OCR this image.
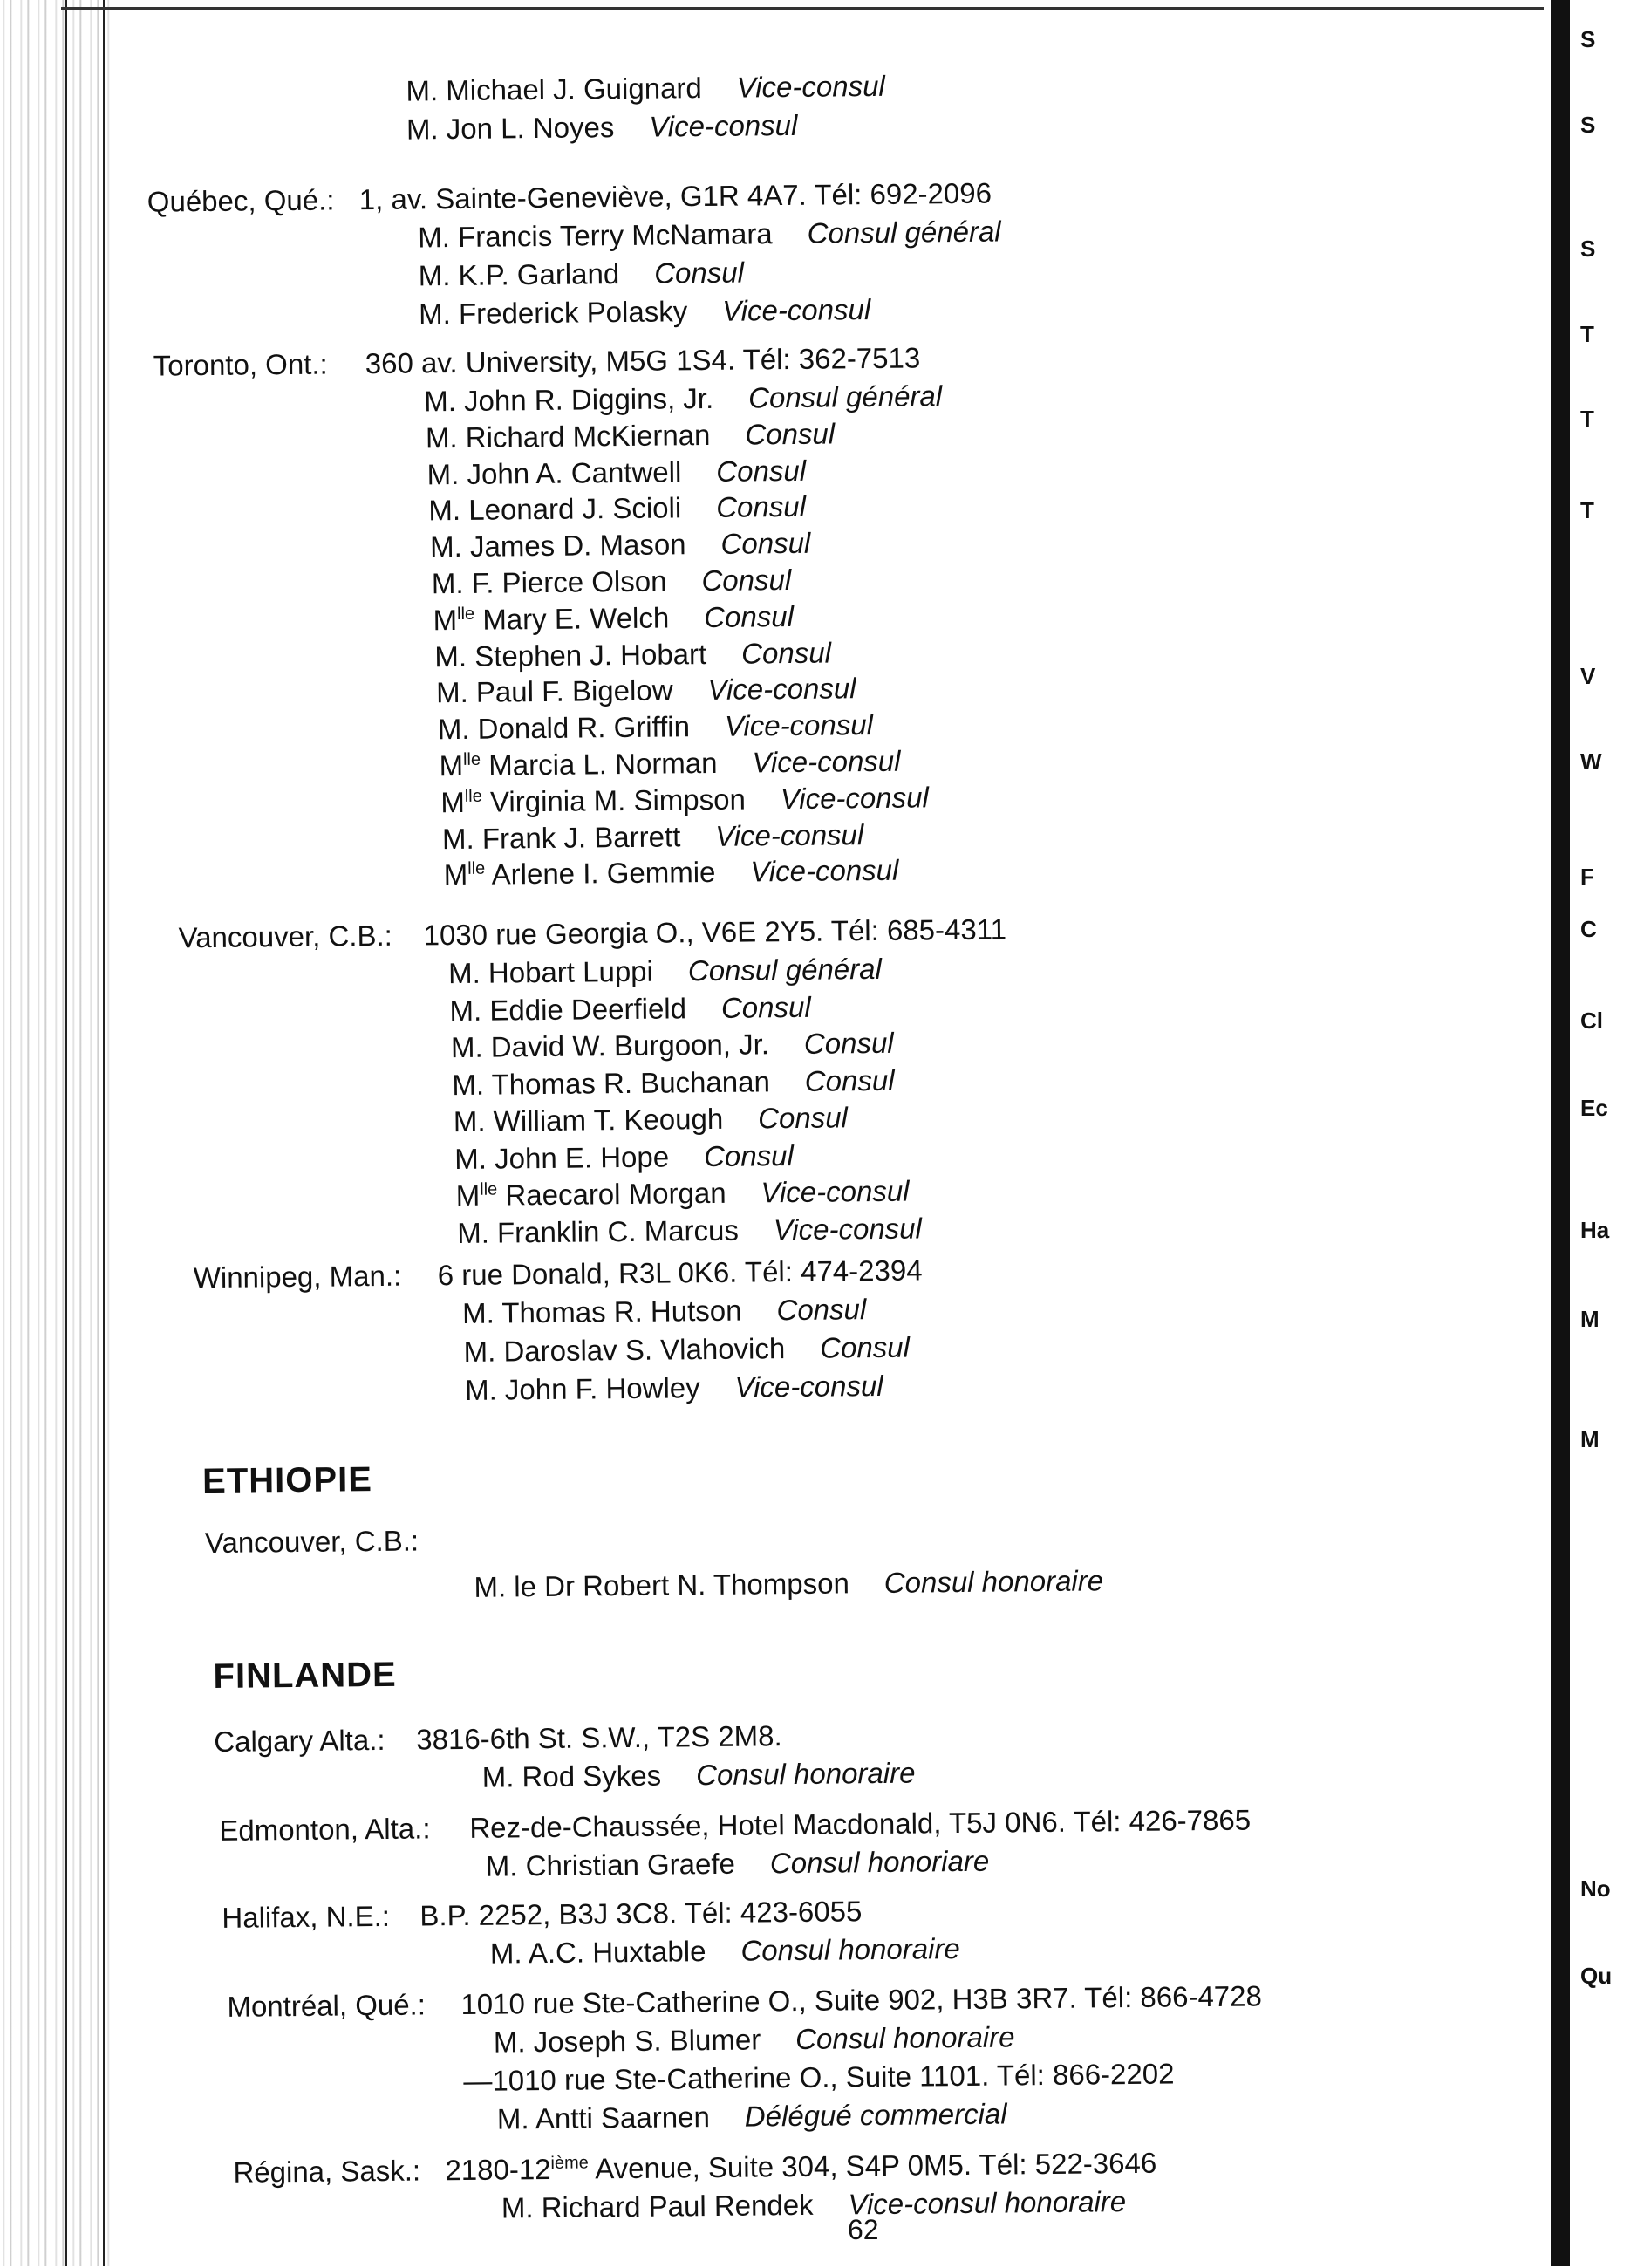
S
S
S
T
T
T
V
W
F
C
Cl
Ec
Ha
M
M
No
Qu
M. Michael J. Guignard Vice-consul
M. Jon L. Noyes Vice-consul
Québec, Qué.: 1, av. Sainte-Geneviève, G1R 4A7. Tél: 692-2096
M. Francis Terry McNamara Consul général
M. K.P. Garland Consul
M. Frederick Polasky Vice-consul
Toronto, Ont.: 360 av. University, M5G 1S4. Tél: 362-7513
M. John R. Diggins, Jr. Consul général
M. Richard McKiernan Consul
M. John A. Cantwell Consul
M. Leonard J. Scioli Consul
M. James D. Mason Consul
M. F. Pierce Olson Consul
$M^{lle}$ Mary E. Welch Consul
M. Stephen J. Hobart Consul
M. Paul F. Bigelow Vice-consul
M. Donald R. Griffin Vice-consul
$M^{lle}$ Marcia L. Norman Vice-consul
$M^{lle}$ Virginia M. Simpson Vice-consul
M. Frank J. Barrett Vice-consul
$M^{lle}$ Arlene I. Gemmie Vice-consul
Vancouver, C.B.: 1030 rue Georgia O., V6E 2Y5. Tél: 685-4311
M. Hobart Luppi Consul général
M. Eddie Deerfield Consul
M. David W. Burgoon, Jr. Consul
M. Thomas R. Buchanan Consul
M. William T. Keough Consul
M. John E. Hope Consul
$M^{lle}$ Raecarol Morgan Vice-consul
M. Franklin C. Marcus Vice-consul
Winnipeg, Man.: 6 rue Donald, R3L 0K6. Tél: 474-2394
M. Thomas R. Hutson Consul
M. Daroslav S. Vlahovich Consul
M. John F. Howley Vice-consul
ETHIOPIE
Vancouver, C.B.:
M. le Dr Robert N. Thompson Consul honoraire
FINLANDE
Calgary Alta.: 3816-6th St. S.W., T2S 2M8.
M. Rod Sykes Consul honoraire
Edmonton, Alta.: Rez-de-Chaussée, Hotel Macdonald, T5J 0N6. Tél: 426-7865
M. Christian Graefe Consul honoriare
Halifax, N.E.: B.P. 2252, B3J 3C8. Tél: 423-6055
M. A.C. Huxtable Consul honoraire
Montréal, Qué.: 1010 rue Ste-Catherine O., Suite 902, H3B 3R7. Tél: 866-4728
M. Joseph S. Blumer Consul honoraire
—1010 rue Ste-Catherine O., Suite 1101. Tél: 866-2202
M. Antti Saarnen Délégué commercial
Régina, Sask.: 2180-12ième Avenue, Suite 304, S4P 0M5. Tél: 522-3646
M. Richard Paul Rendek Vice-consul honoraire
62
